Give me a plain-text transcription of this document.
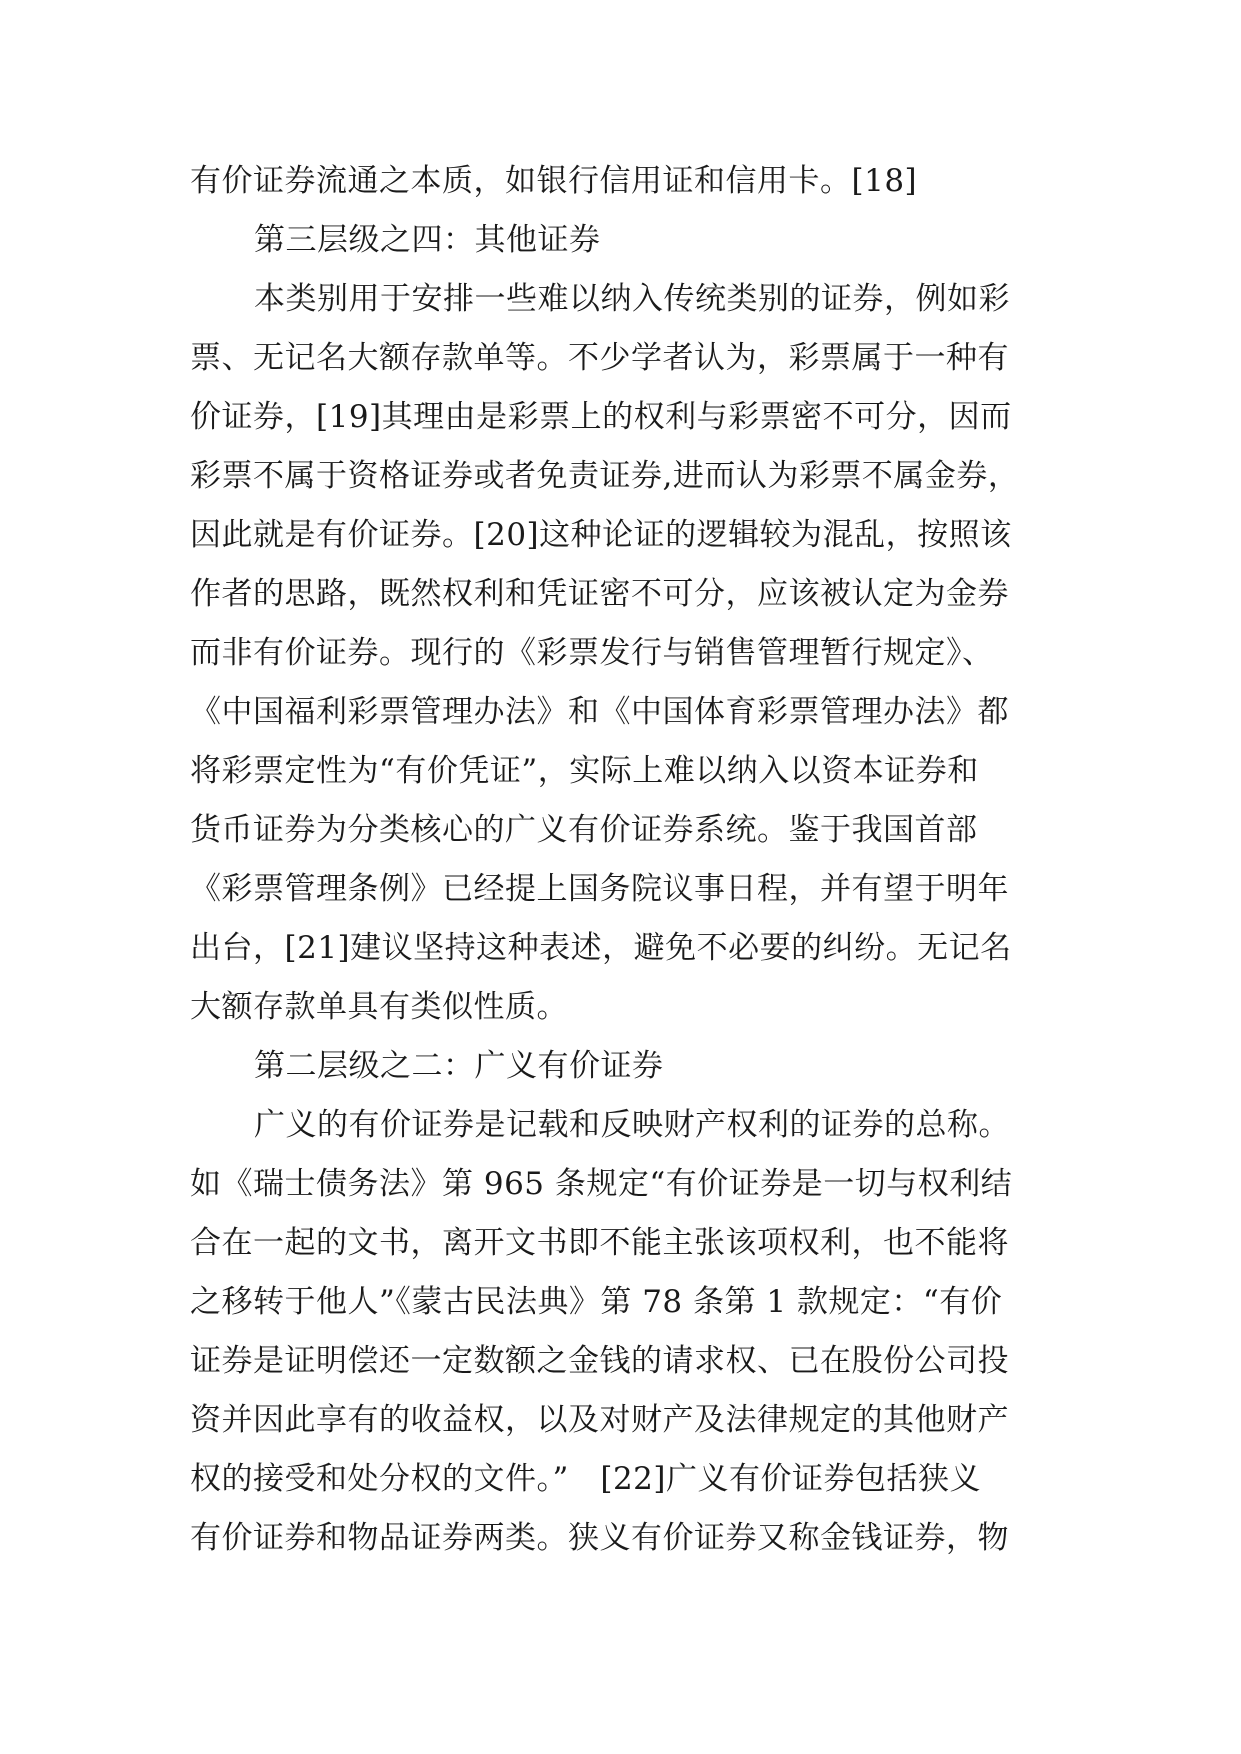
有价证券流通之本质，如银行信用证和信用卡。[18]
第三层级之四：其他证券
本类别用于安排一些难以纳入传统类别的证券，例如彩
票、无记名大额存款单等。不少学者认为，彩票属于一种有
价证券，[19]其理由是彩票上的权利与彩票密不可分，因而
彩票不属于资格证券或者免责证券,进而认为彩票不属金券，
因此就是有价证券。[20]这种论证的逻辑较为混乱，按照该
作者的思路，既然权利和凭证密不可分，应该被认定为金券
而非有价证券。现行的《彩票发行与销售管理暂行规定》、
《中国福利彩票管理办法》和《中国体育彩票管理办法》都
将彩票定性为“有价凭证”，实际上难以纳入以资本证券和
货币证券为分类核心的广义有价证券系统。鉴于我国首部
《彩票管理条例》已经提上国务院议事日程，并有望于明年
出台，[21]建议坚持这种表述，避免不必要的纠纷。无记名
大额存款单具有类似性质。
第二层级之二：广义有价证券
广义的有价证券是记载和反映财产权利的证券的总称。
如《瑞士债务法》第 965 条规定“有价证券是一切与权利结
合在一起的文书，离开文书即不能主张该项权利，也不能将
之移转于他人”《蒙古民法典》第 78 条第 1 款规定：“有价
证券是证明偿还一定数额之金钱的请求权、已在股份公司投
资并因此享有的收益权，以及对财产及法律规定的其他财产
权的接受和处分权的文件。”　[22]广义有价证券包括狭义
有价证券和物品证券两类。狭义有价证券又称金钱证券，物
